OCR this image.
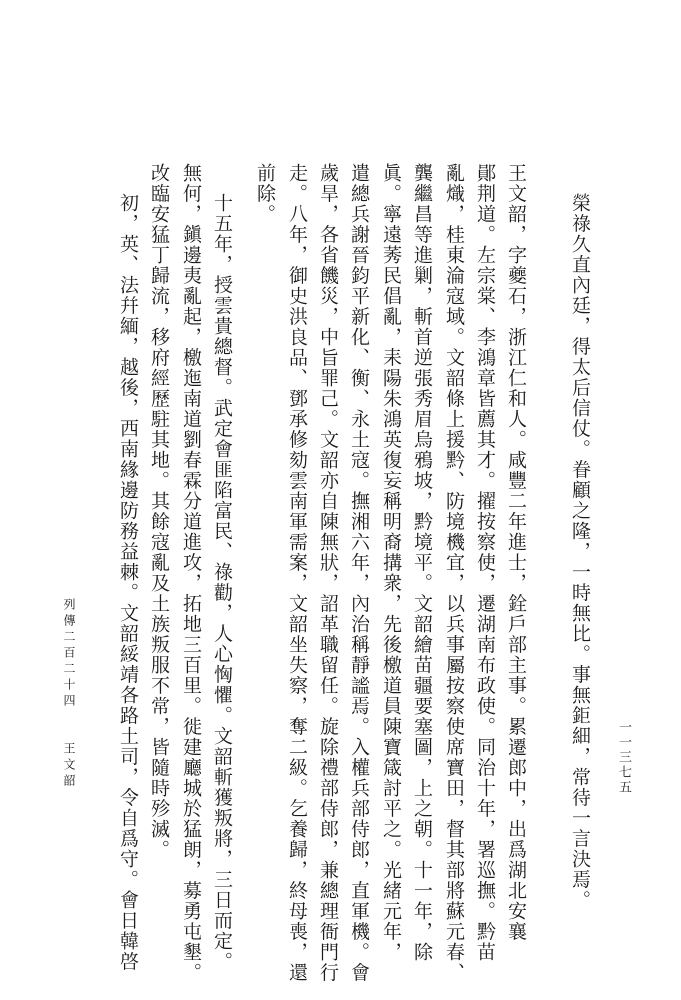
榮祿久直內廷，得太后信仗。眷顧之隆，一時無比。事無鉅細，常待一言決焉。
王文韶，字夔石，浙江仁和人。咸豐二年進士，銓戶部主事。累遷郎中，出爲湖北安襄
鄖荆道。左宗棠、李鴻章皆薦其才。擢按察使，遷湖南布政使。同治十年，署巡撫。黔苗
亂熾，桂東淪寇域。文韶條上援黔、防境機宜，以兵事屬按察使席寶田，督其部將蘇元春、
龔繼昌等進剿，斬首逆張秀眉烏鴉坡，黔境平。文韶繪苗疆要塞圖，上之朝。十一年，除
眞。寧遠莠民倡亂，耒陽朱鴻英復妄稱明裔搆衆，先後檄道員陳寶箴討平之。光緒元年，
遣總兵謝晉鈞平新化、衡、永土寇。撫湘六年，內治稱靜謐焉。入權兵部侍郎，直軍機。會
歲旱，各省饑災，中旨罪己。文韶亦自陳無狀，詔革職留任。旋除禮部侍郎，兼總理衙門行
走。八年，御史洪良品、鄧承修劾雲南軍需案，文韶坐失察，奪二級。乞養歸，終母喪，還
前除。
十五年，授雲貴總督。武定會匪陷富民、祿勸，人心恟懼。文韶斬獲叛將，三日而定。
無何，鎭邊夷亂起，檄迤南道劉春霖分道進攻，拓地三百里。徙建廳城於猛朗，募勇屯墾。
改臨安猛丁歸流，移府經歷駐其地。其餘寇亂及土族叛服不常，皆隨時殄滅。
初，英、法幷緬，越後，西南緣邊防務益棘。文韶綏靖各路土司，令自爲守。會日韓啓
列傳二百二十四　　王文韶	一一三七五
